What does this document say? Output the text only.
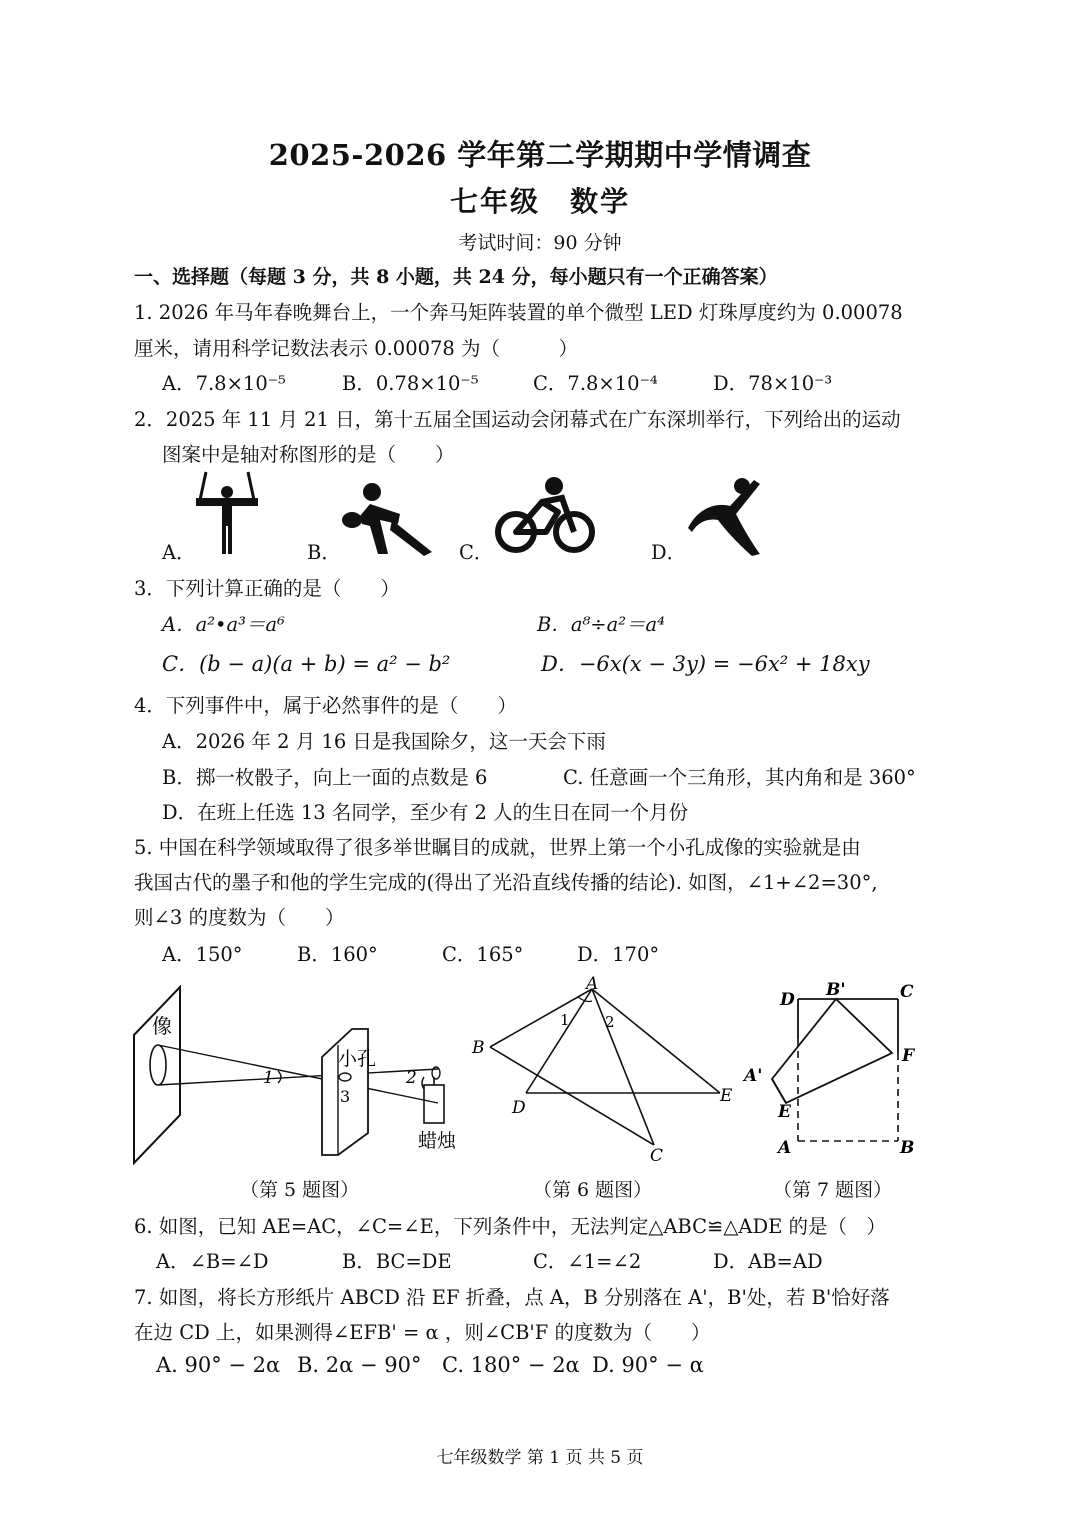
2025-2026 学年第二学期期中学情调查
七年级　数学
考试时间：90 分钟
一、选择题（每题 3 分，共 8 小题，共 24 分，每小题只有一个正确答案）
1. 2026 年马年春晚舞台上，一个奔马矩阵装置的单个微型 LED 灯珠厚度约为 0.00078
厘米，请用科学记数法表示 0.00078 为（　　　）
A．7.8×10⁻⁵	B．0.78×10⁻⁵	C．7.8×10⁻⁴	D．78×10⁻³
2．2025 年 11 月 21 日，第十五届全国运动会闭幕式在广东深圳举行，下列给出的运动
图案中是轴对称图形的是（　　）
A．	B．	C．	D．
3．下列计算正确的是（　　）
A．a²•a³＝a⁶	B．a⁸÷a²＝a⁴
C．(b − a)(a + b) = a² − b²	D．−6x(x − 3y) = −6x² + 18xy
4．下列事件中，属于必然事件的是（　　）
A．2026 年 2 月 16 日是我国除夕，这一天会下雨
B．掷一枚骰子，向上一面的点数是 6	C. 任意画一个三角形，其内角和是 360°
D．在班上任选 13 名同学，至少有 2 人的生日在同一个月份
5. 中国在科学领域取得了很多举世瞩目的成就，世界上第一个小孔成像的实验就是由
我国古代的墨子和他的学生完成的(得出了光沿直线传播的结论). 如图，∠1+∠2=30°,
则∠3 的度数为（　　）
A．150°	B．160°	C．165°	D．170°
像
小孔
蜡烛
1	2
3
（第 5 题图）
A
B
C
D
E
1 2
（第 6 题图）
D B'	C
F
A'
E
A	B
（第 7 题图）
6. 如图，已知 AE=AC，∠C=∠E，下列条件中，无法判定△ABC≌△ADE 的是（　）
A．∠B=∠D	B．BC=DE	C．∠1=∠2	D．AB=AD
7. 如图，将长方形纸片 ABCD 沿 EF 折叠，点 A，B 分别落在 A'，B'处，若 B'恰好落
在边 CD 上，如果测得∠EFB' = α ，则∠CB'F 的度数为（　　）
A. 90° − 2α B. 2α − 90° C. 180° − 2α D. 90° − α
七年级数学 第 1 页 共 5 页
